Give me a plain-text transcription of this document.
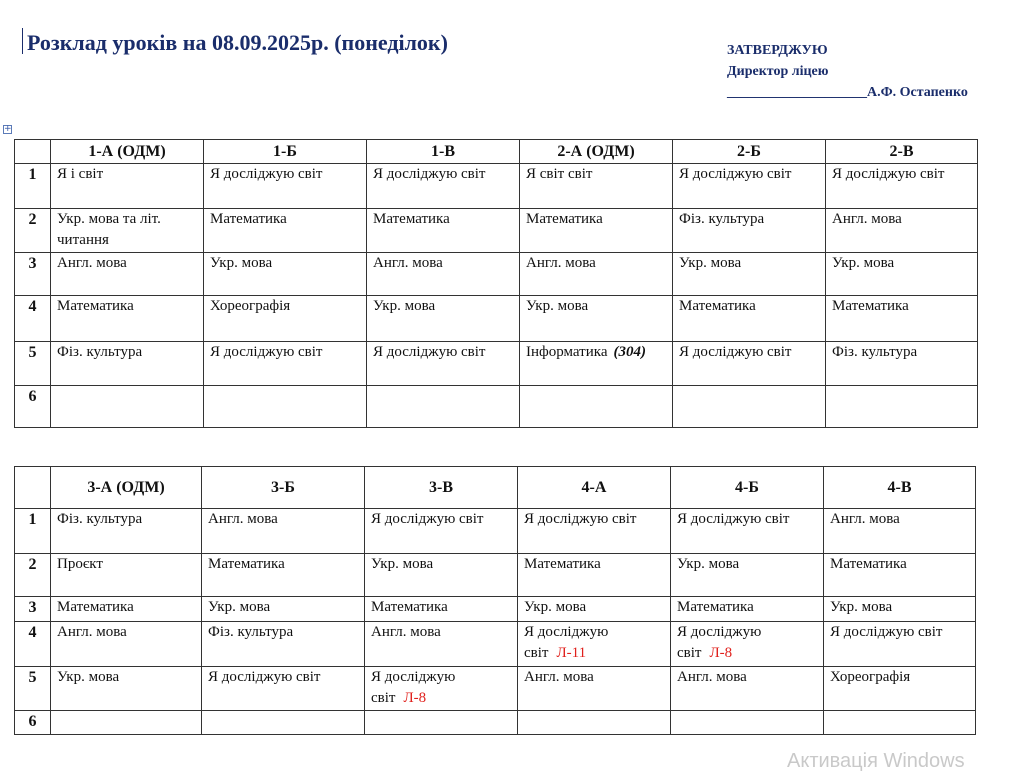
Розклад уроків на 08.09.2025р. (понеділок)	ЗАТВЕРДЖУЮ
Директор ліцею
____________________А.Ф. Остапенко
+
	1-А (ОДМ)	1-Б	1-В	2-А (ОДМ)	2-Б	2-В
1	Я і світ	Я досліджую світ	Я досліджую світ	Я світ світ	Я досліджую світ	Я досліджую світ
2	Укр. мова та літ. читання	Математика	Математика	Математика	Фіз. культура	Англ. мова
3	Англ. мова	Укр. мова	Англ. мова	Англ. мова	Укр. мова	Укр. мова
4	Математика	Хореографія	Укр. мова	Укр. мова	Математика	Математика
5	Фіз. культура	Я досліджую світ	Я досліджую світ	Інформатика (304)	Я досліджую світ	Фіз. культура
6						
	3-А (ОДМ)	3-Б	3-В	4-А	4-Б	4-В
1	Фіз. культура	Англ. мова	Я досліджую світ	Я досліджую світ	Я досліджую світ	Англ. мова
2	Проєкт	Математика	Укр. мова	Математика	Укр. мова	Математика
3	Математика	Укр. мова	Математика	Укр. мова	Математика	Укр. мова
4	Англ. мова	Фіз. культура	Англ. мова	Я досліджую світ Л-11	Я досліджую світ Л-8	Я досліджую світ
5	Укр. мова	Я досліджую світ	Я досліджую світ Л-8	Англ. мова	Англ. мова	Хореографія
6						
Активація Windows
